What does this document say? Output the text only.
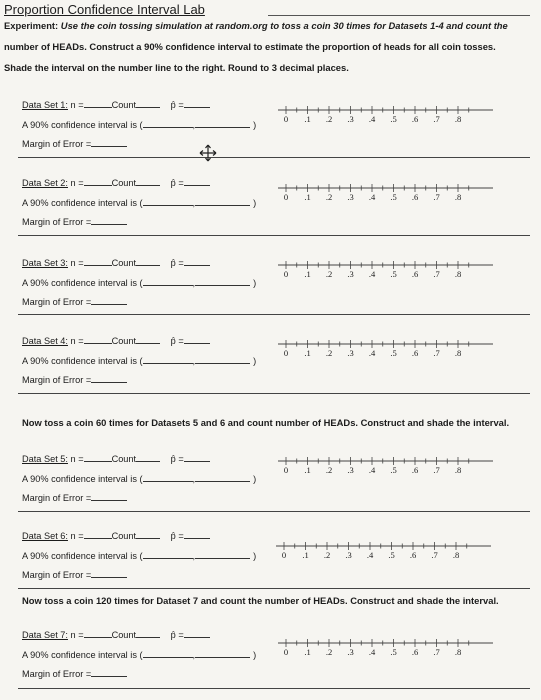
Proportion Confidence Interval Lab
Experiment: Use the coin tossing simulation at random.org to toss a coin 30 times for Datasets 1-4 and count the
number of HEADs. Construct a 90% confidence interval to estimate the proportion of heads for all coin tosses.
Shade the interval on the number line to the right. Round to 3 decimal places.
Data Set 1: n =	Count	p̂ =
A 90% confidence interval is (	,	)
Margin of Error =
0 .1 .2 .3 .4 .5 .6 .7 .8
Data Set 2: n =	Count	p̂ =
A 90% confidence interval is (	,	)
Margin of Error =
0 .1 .2 .3 .4 .5 .6 .7 .8
Data Set 3: n =	Count	p̂ =
A 90% confidence interval is (	,	)
Margin of Error =
0 .1 .2 .3 .4 .5 .6 .7 .8
Data Set 4: n =	Count	p̂ =
A 90% confidence interval is (	,	)
Margin of Error =
0 .1 .2 .3 .4 .5 .6 .7 .8
Data Set 5: n =	Count	p̂ =
A 90% confidence interval is (	,	)
Margin of Error =
0 .1 .2 .3 .4 .5 .6 .7 .8
Data Set 6: n =	Count	p̂ =
A 90% confidence interval is (	,	)
Margin of Error =
0 .1 .2 .3 .4 .5 .6 .7 .8
Data Set 7: n =	Count	p̂ =
A 90% confidence interval is (	,	)
Margin of Error =
0 .1 .2 .3 .4 .5 .6 .7 .8
Now toss a coin 60 times for Datasets 5 and 6 and count number of HEADs. Construct and shade the interval.
Now toss a coin 120 times for Dataset 7 and count the number of HEADs. Construct and shade the interval.
